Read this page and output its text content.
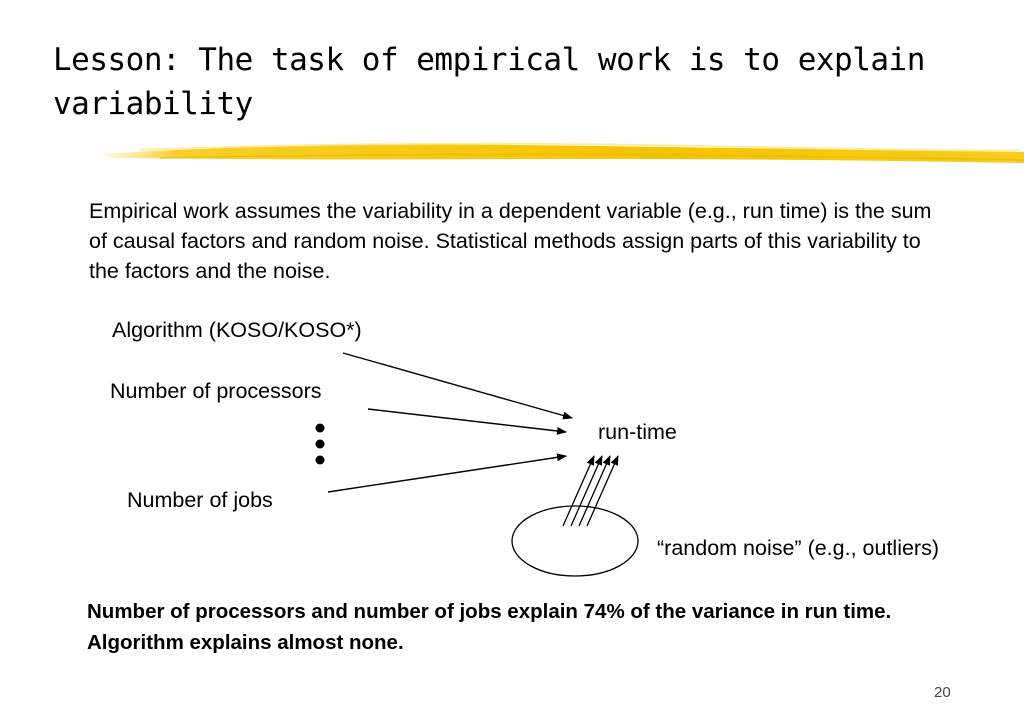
Lesson: The task of empirical work is to explain variability

Empirical work assumes the variability in a dependent variable (e.g., run time) is the sum of causal factors and random noise. Statistical methods assign parts of this variability to the factors and the noise.

Algorithm (KOSO/KOSO*)

Number of processors

Number of jobs

run-time

“random noise” (e.g., outliers)

Number of processors and number of jobs explain 74% of the variance in run time. Algorithm explains almost none.

20
